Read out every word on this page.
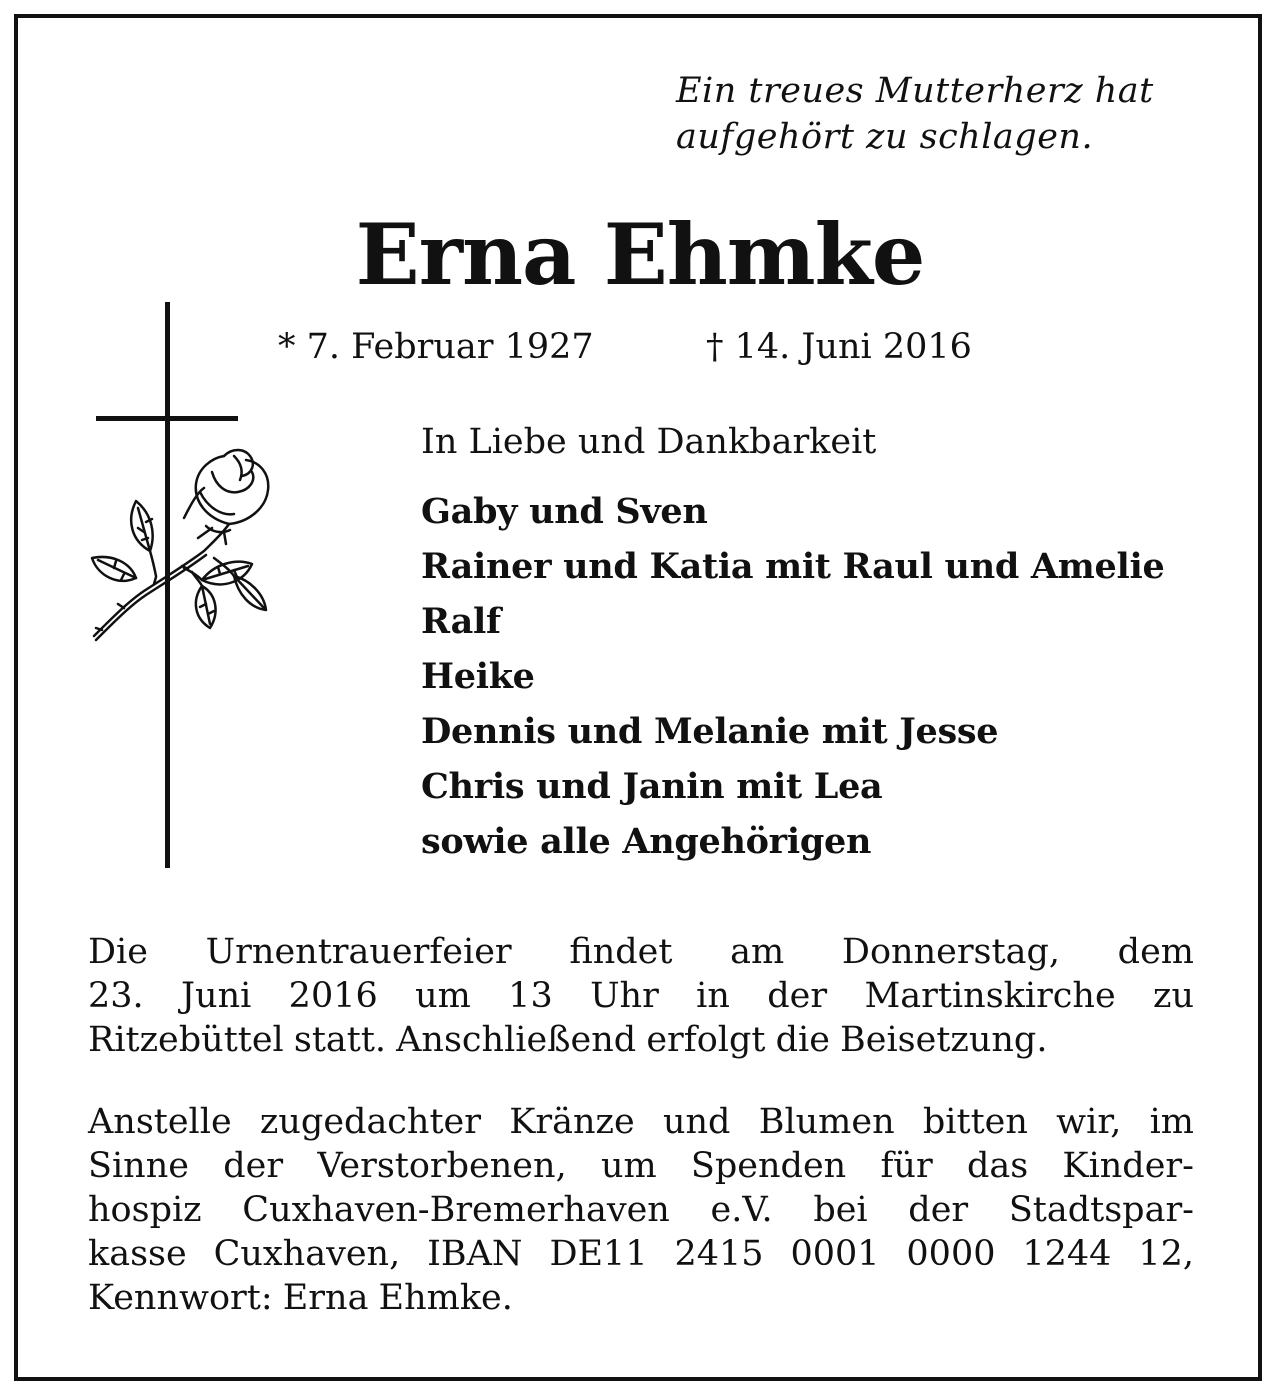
Ein treues Mutterherz hat
aufgehört zu schlagen.
Erna Ehmke
* 7. Februar 1927	† 14. Juni 2016
In Liebe und Dankbarkeit
Gaby und Sven
Rainer und Katia mit Raul und Amelie
Ralf
Heike
Dennis und Melanie mit Jesse
Chris und Janin mit Lea
sowie alle Angehörigen
Die Urnentrauerfeier findet am Donnerstag, dem
23. Juni 2016 um 13 Uhr in der Martinskirche zu
Ritzebüttel statt. Anschließend erfolgt die Beisetzung.
Anstelle zugedachter Kränze und Blumen bitten wir, im
Sinne der Verstorbenen, um Spenden für das Kinder-
hospiz Cuxhaven-Bremerhaven e.V. bei der Stadtspar-
kasse Cuxhaven, IBAN DE11 2415 0001 0000 1244 12,
Kennwort: Erna Ehmke.
